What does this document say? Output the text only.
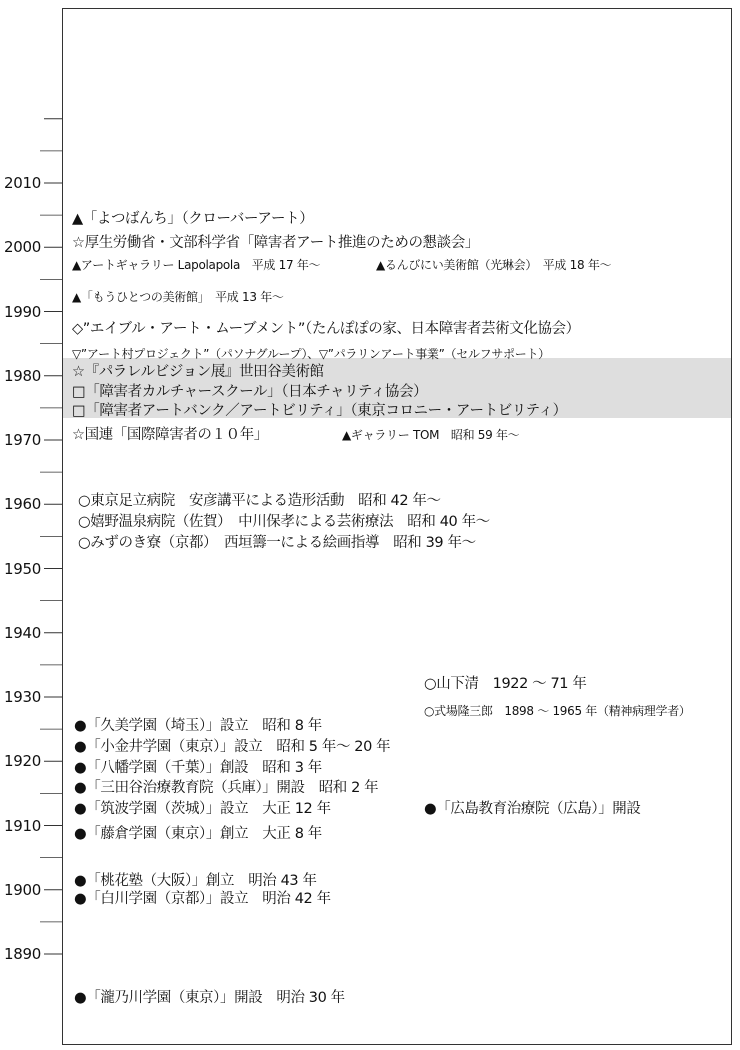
2010
2000
1990
1980
1970
1960
1950
1940
1930
1920
1910
1900
1890
▲「よつばんち」（クローバーアート）
☆厚生労働省・文部科学省「障害者アート推進のための懇談会」
▲アートギャラリー Lapolapola　平成 17 年～	▲るんびにい美術館（光琳会）　平成 18 年～
▲「もうひとつの美術館」　平成 13 年～
◇”エイブル・アート・ムーブメント”（たんぽぽの家、日本障害者芸術文化協会）
▽”アート村プロジェクト”（パソナグループ）、▽”パラリンアート事業”（セルフサポート）
☆『パラレルビジョン展』世田谷美術館
□「障害者カルチャースクール」（日本チャリティ協会）
□「障害者アートバンク／アートビリティ」（東京コロニー・アートビリティ）
☆国連「国際障害者の１０年」	▲ギャラリー TOM　昭和 59 年～
○東京足立病院　安彦講平による造形活動　昭和 42 年～
○嬉野温泉病院（佐賀）　中川保孝による芸術療法　昭和 40 年～
○みずのき寮（京都）　西垣籌一による絵画指導　昭和 39 年～
○山下清　1922 ～ 71 年
○式場隆三郎　1898 ～ 1965 年（精神病理学者）
●「久美学園（埼玉）」設立　昭和 8 年
●「小金井学園（東京）」設立　昭和 5 年～ 20 年
●「八幡学園（千葉）」創設　昭和 3 年
●「三田谷治療教育院（兵庫）」開設　昭和 2 年
●「筑波学園（茨城）」設立　大正 12 年	●「広島教育治療院（広島）」開設
●「藤倉学園（東京）」創立　大正 8 年
●「桃花塾（大阪）」創立　明治 43 年
●「白川学園（京都）」設立　明治 42 年
●「瀧乃川学園（東京）」開設　明治 30 年
